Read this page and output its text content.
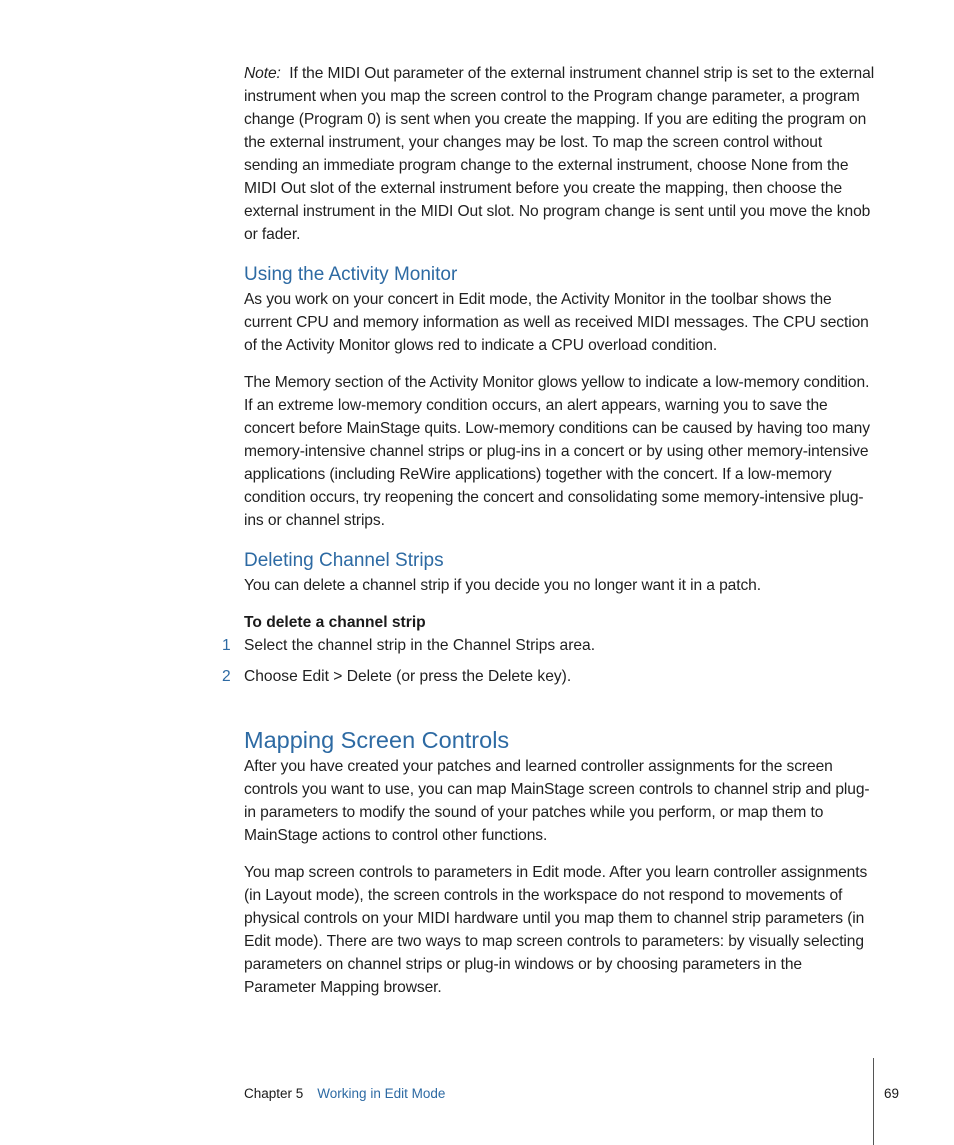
Note: If the MIDI Out parameter of the external instrument channel strip is set to the external instrument when you map the screen control to the Program change parameter, a program change (Program 0) is sent when you create the mapping. If you are editing the program on the external instrument, your changes may be lost. To map the screen control without sending an immediate program change to the external instrument, choose None from the MIDI Out slot of the external instrument before you create the mapping, then choose the external instrument in the MIDI Out slot. No program change is sent until you move the knob or fader.

Using the Activity Monitor

As you work on your concert in Edit mode, the Activity Monitor in the toolbar shows the current CPU and memory information as well as received MIDI messages. The CPU section of the Activity Monitor glows red to indicate a CPU overload condition.

The Memory section of the Activity Monitor glows yellow to indicate a low-memory condition. If an extreme low-memory condition occurs, an alert appears, warning you to save the concert before MainStage quits. Low-memory conditions can be caused by having too many memory-intensive channel strips or plug-ins in a concert or by using other memory-intensive applications (including ReWire applications) together with the concert. If a low-memory condition occurs, try reopening the concert and consolidating some memory-intensive plug-ins or channel strips.

Deleting Channel Strips

You can delete a channel strip if you decide you no longer want it in a patch.

To delete a channel strip
1 Select the channel strip in the Channel Strips area.
2 Choose Edit > Delete (or press the Delete key).
Mapping Screen Controls

After you have created your patches and learned controller assignments for the screen controls you want to use, you can map MainStage screen controls to channel strip and plug-in parameters to modify the sound of your patches while you perform, or map them to MainStage actions to control other functions.

You map screen controls to parameters in Edit mode. After you learn controller assignments (in Layout mode), the screen controls in the workspace do not respond to movements of physical controls on your MIDI hardware until you map them to channel strip parameters (in Edit mode). There are two ways to map screen controls to parameters: by visually selecting parameters on channel strips or plug-in windows or by choosing parameters in the Parameter Mapping browser.

Chapter 5 Working in Edit Mode	69
